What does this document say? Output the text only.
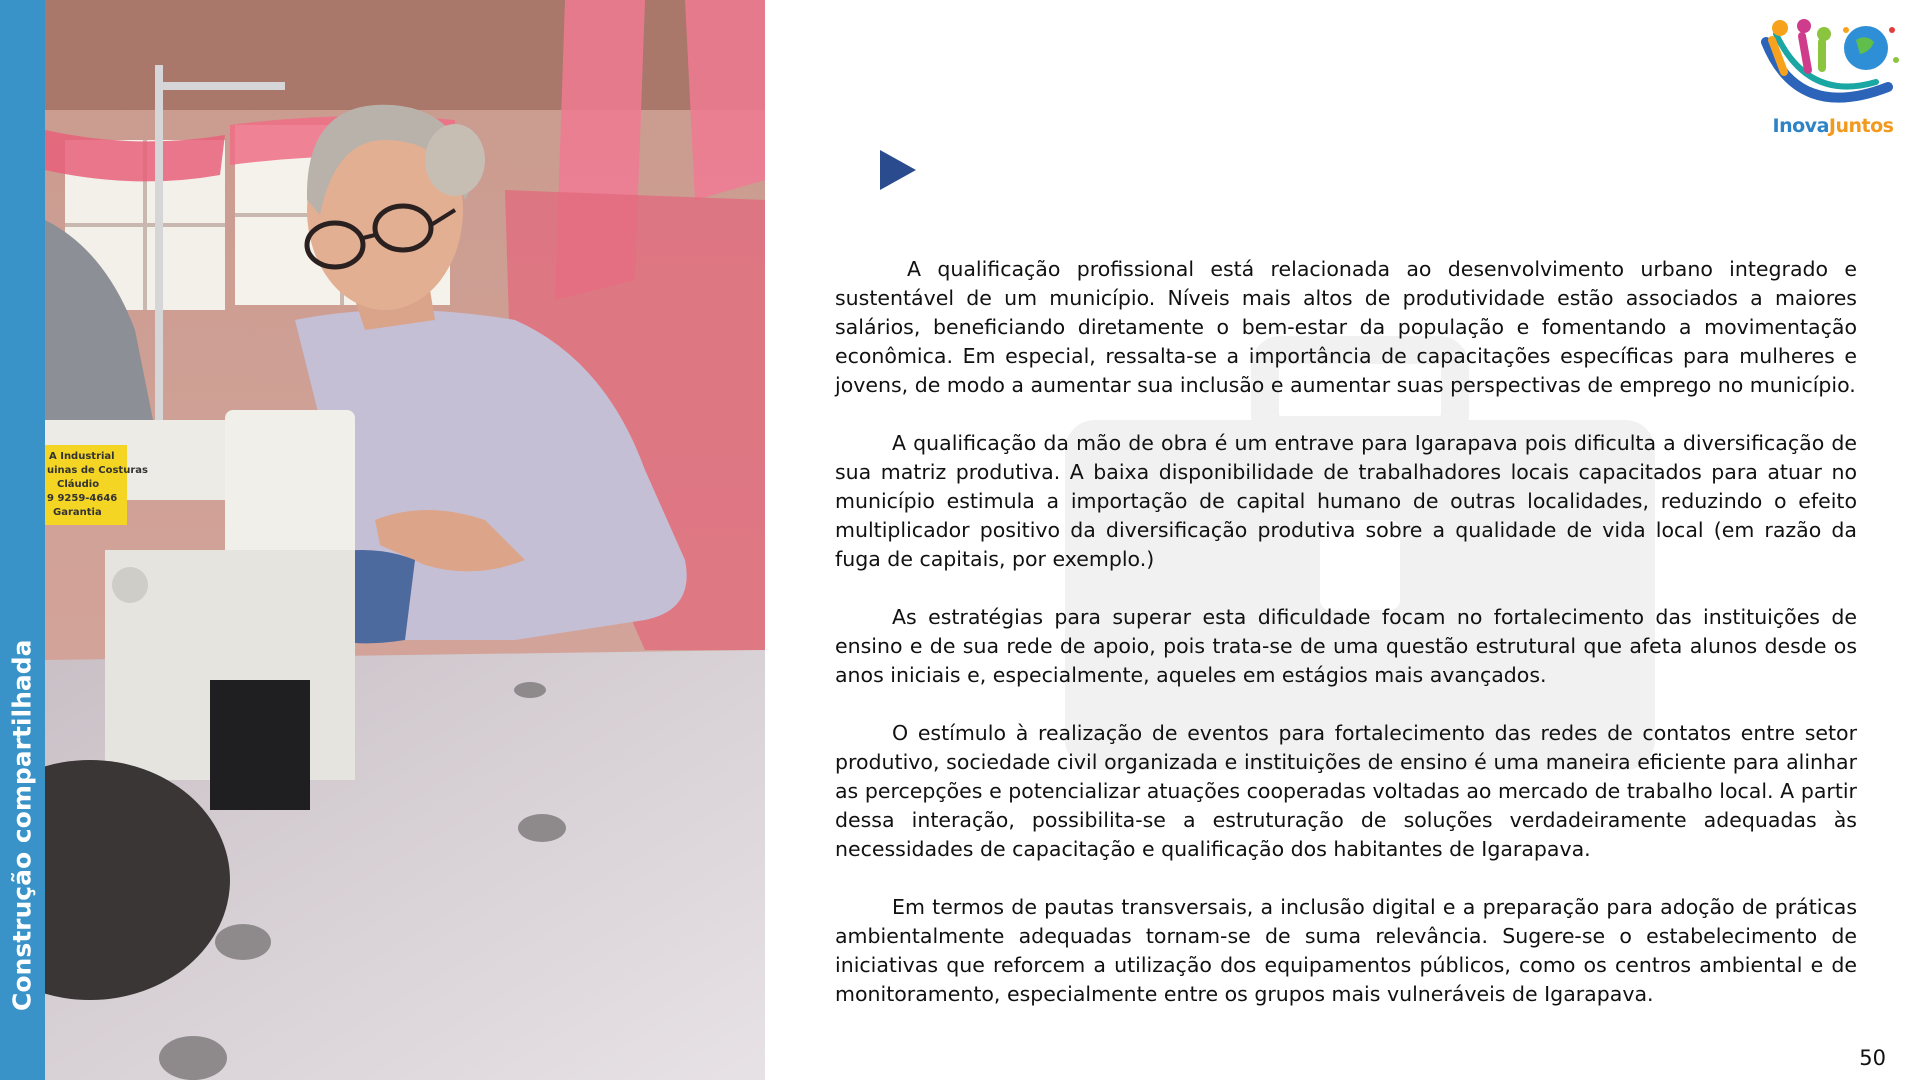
Construção compartilhada
A Industrial
uinas de Costuras
Cláudio
9 9259-4646
Garantia
InovaJuntos

A qualificação profissional está relacionada ao desenvolvimento urbano integrado e sustentável de um município. Níveis mais altos de produtividade estão associados a maiores salários, beneficiando diretamente o bem-estar da população e fomentando a movimentação econômica. Em especial, ressalta-se a importância de capacitações específicas para mulheres e jovens, de modo a aumentar sua inclusão e aumentar suas perspectivas de emprego no município.

A qualificação da mão de obra é um entrave para Igarapava pois dificulta a diversificação de sua matriz produtiva. A baixa disponibilidade de trabalhadores locais capacitados para atuar no município estimula a importação de capital humano de outras localidades, reduzindo o efeito multiplicador positivo da diversificação produtiva sobre a qualidade de vida local (em razão da fuga de capitais, por exemplo.)

As estratégias para superar esta dificuldade focam no fortalecimento das instituições de ensino e de sua rede de apoio, pois trata-se de uma questão estrutural que afeta alunos desde os anos iniciais e, especialmente, aqueles em estágios mais avançados.

O estímulo à realização de eventos para fortalecimento das redes de contatos entre setor produtivo, sociedade civil organizada e instituições de ensino é uma maneira eficiente para alinhar as percepções e potencializar atuações cooperadas voltadas ao mercado de trabalho local. A partir dessa interação, possibilita-se a estruturação de soluções verdadeiramente adequadas às necessidades de capacitação e qualificação dos habitantes de Igarapava.

Em termos de pautas transversais, a inclusão digital e a preparação para adoção de práticas ambientalmente adequadas tornam-se de suma relevância. Sugere-se o estabelecimento de iniciativas que reforcem a utilização dos equipamentos públicos, como os centros ambiental e de monitoramento, especialmente entre os grupos mais vulneráveis de Igarapava.

50
